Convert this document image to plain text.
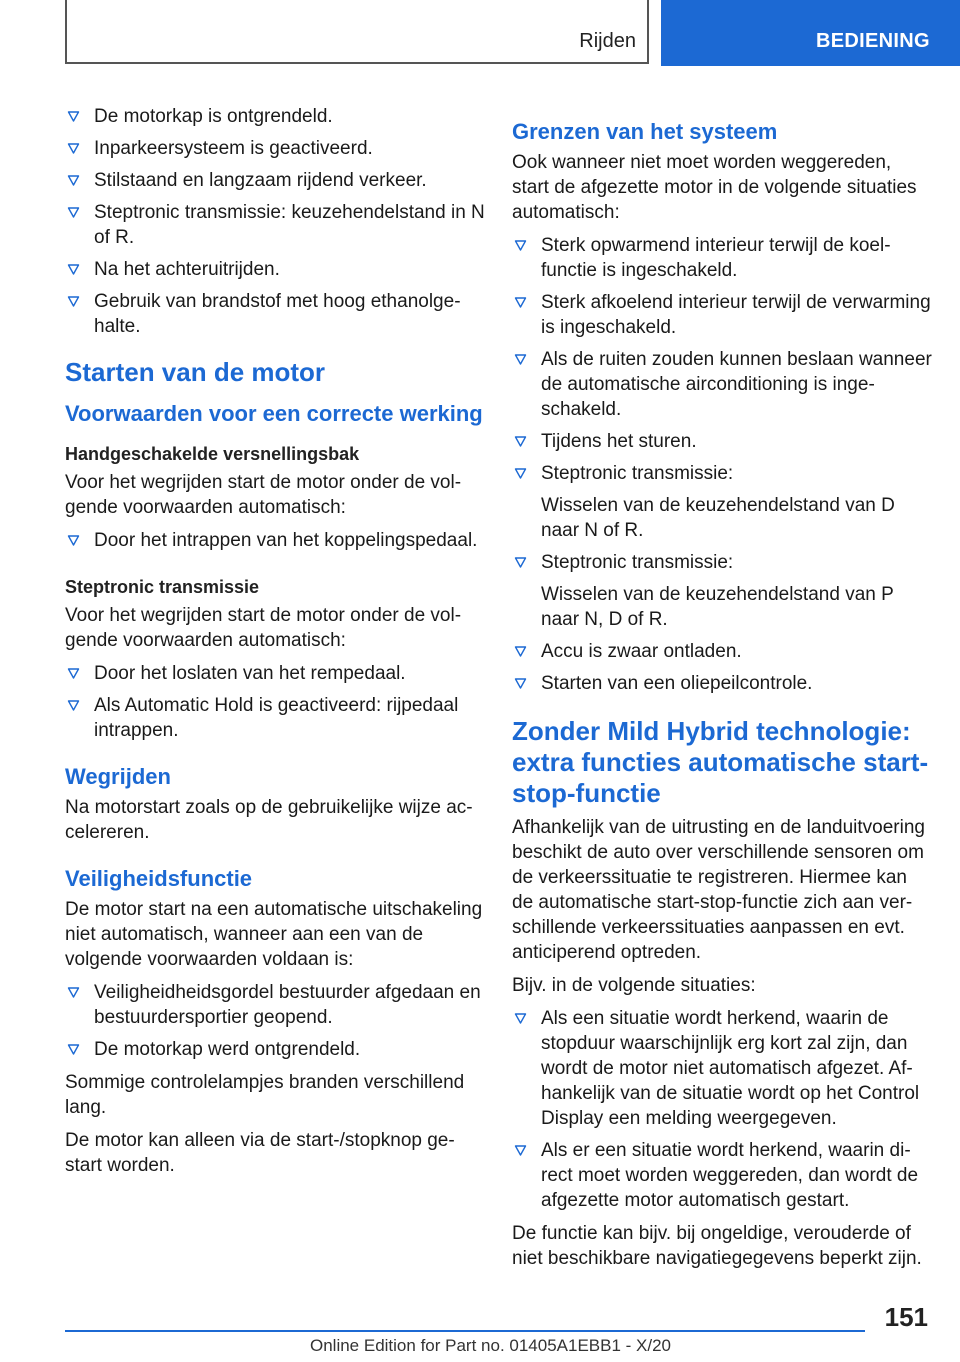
Rijden	BEDIENING
De motorkap is ontgrendeld.
Inparkeersysteem is geactiveerd.
Stilstaand en langzaam rijdend verkeer.
Steptronic transmissie: keuzehendelstand in N of R.
Na het achteruitrijden.
Gebruik van brandstof met hoog ethanolgehalte.
Starten van de motor
Voorwaarden voor een correcte werking
Handgeschakelde versnellingsbak

Voor het wegrijden start de motor onder de volgende voorwaarden automatisch:

Door het intrappen van het koppelingspedaal.
Steptronic transmissie

Voor het wegrijden start de motor onder de volgende voorwaarden automatisch:

Door het loslaten van het rempedaal.
Als Automatic Hold is geactiveerd: rijpedaal intrappen.
Wegrijden

Na motorstart zoals op de gebruikelijke wijze accelereren.

Veiligheidsfunctie

De motor start na een automatische uitschakeling niet automatisch, wanneer aan een van de volgende voorwaarden voldaan is:

Veiligheidheidsgordel bestuurder afgedaan en bestuurdersportier geopend.
De motorkap werd ontgrendeld.

Sommige controlelampjes branden verschillend lang.

De motor kan alleen via de start-/stopknop gestart worden.

Grenzen van het systeem

Ook wanneer niet moet worden weggereden, start de afgezette motor in de volgende situaties automatisch:

Sterk opwarmend interieur terwijl de koelfunctie is ingeschakeld.
Sterk afkoelend interieur terwijl de verwarming is ingeschakeld.
Als de ruiten zouden kunnen beslaan wanneer de automatische airconditioning is ingeschakeld.
Tijdens het sturen.
Steptronic transmissie:
Wisselen van de keuzehendelstand van D naar N of R.
Steptronic transmissie:
Wisselen van de keuzehendelstand van P naar N, D of R.
Accu is zwaar ontladen.
Starten van een oliepeilcontrole.
Zonder Mild Hybrid technologie: extra functies automatische start-stop-functie

Afhankelijk van de uitrusting en de landuitvoering beschikt de auto over verschillende sensoren om de verkeerssituatie te registreren. Hiermee kan de automatische start-stop-functie zich aan verschillende verkeerssituaties aanpassen en evt. anticiperend optreden.

Bijv. in de volgende situaties:

Als een situatie wordt herkend, waarin de stopduur waarschijnlijk erg kort zal zijn, dan wordt de motor niet automatisch afgezet. Afhankelijk van de situatie wordt op het Control Display een melding weergegeven.
Als er een situatie wordt herkend, waarin direct moet worden weggereden, dan wordt de afgezette motor automatisch gestart.

De functie kan bijv. bij ongeldige, verouderde of niet beschikbare navigatiegegevens beperkt zijn.

151
Online Edition for Part no. 01405A1EBB1 - X/20
